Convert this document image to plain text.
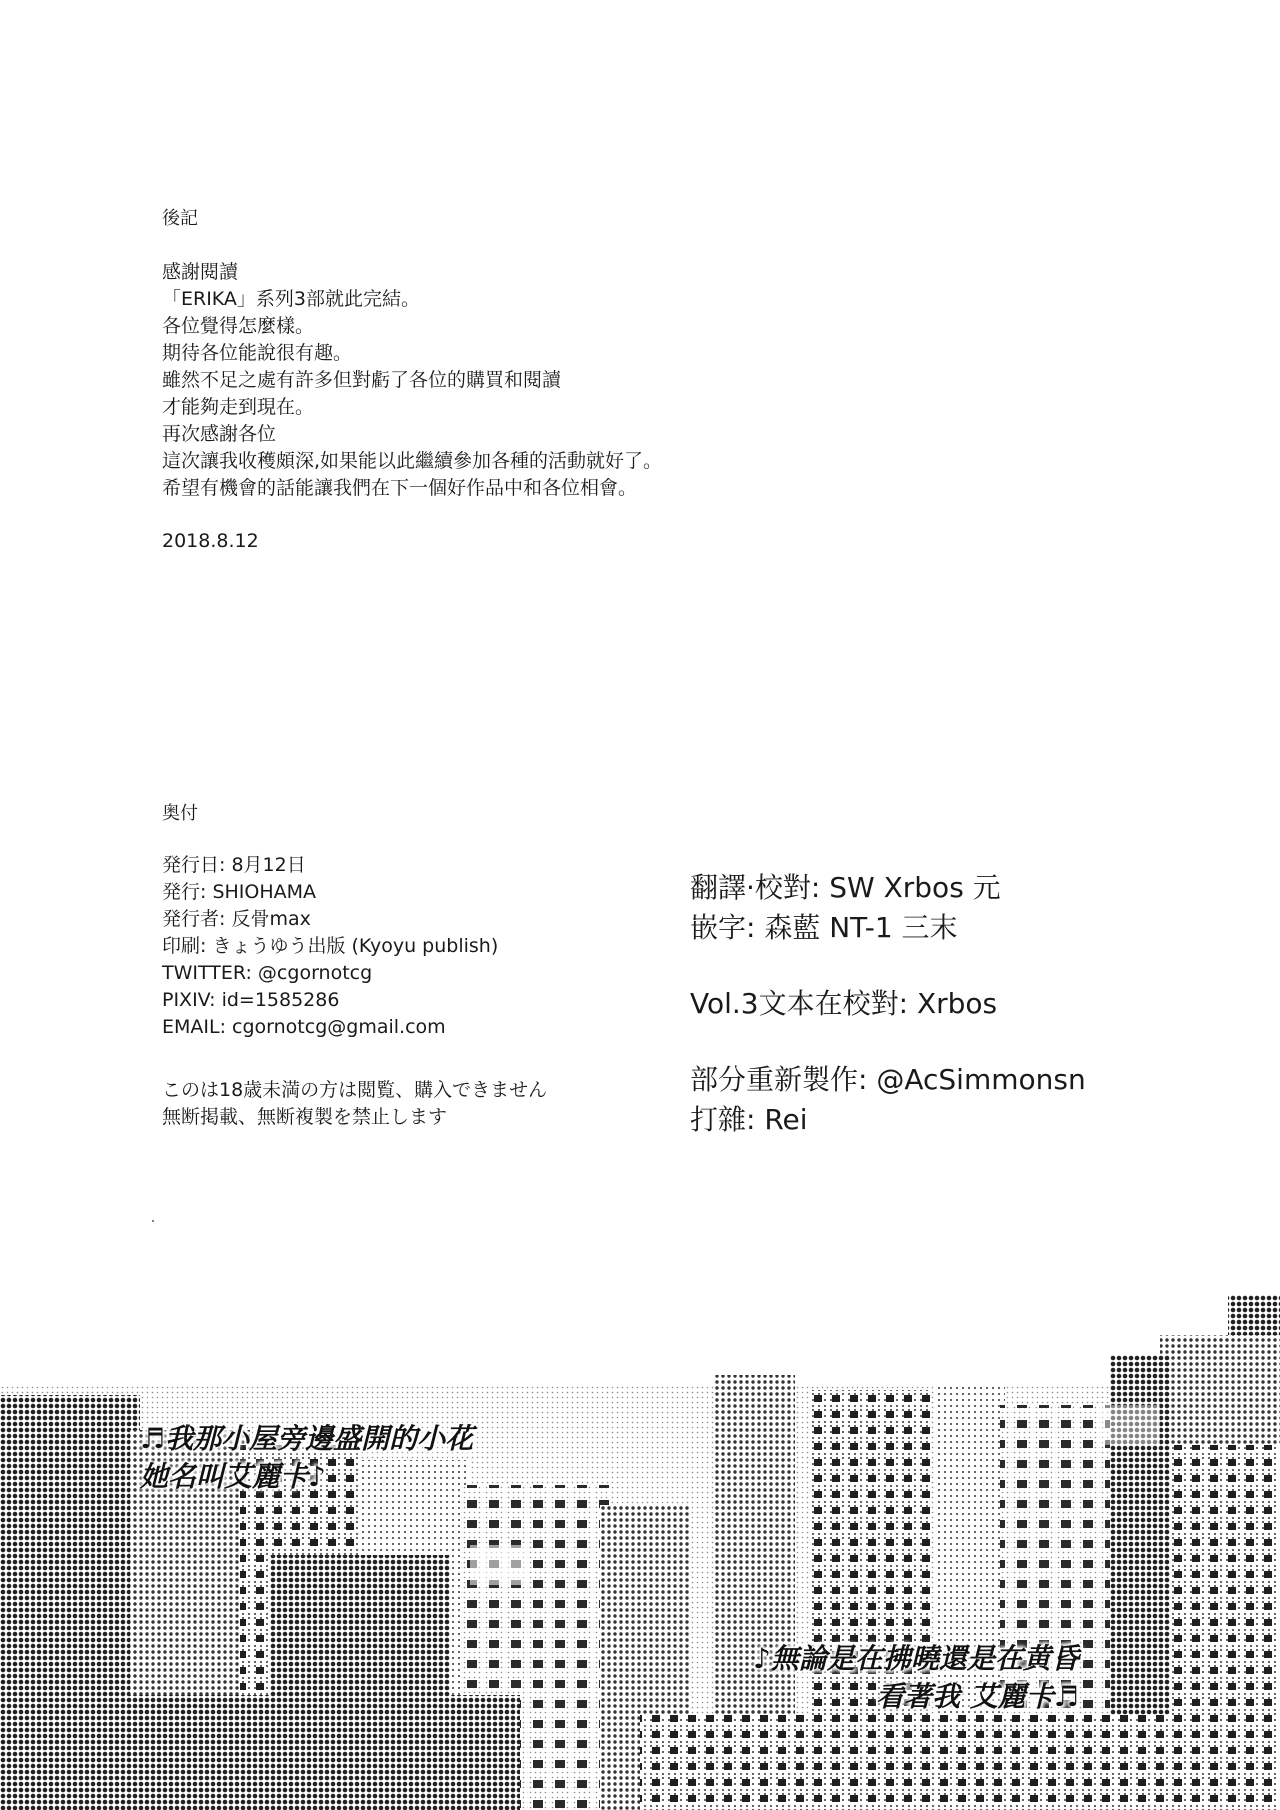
後記
感謝閱讀
「ERIKA」系列3部就此完結。
各位覺得怎麼樣。
期待各位能說很有趣。
雖然不足之處有許多但對虧了各位的購買和閱讀
才能夠走到現在。
再次感謝各位
這次讓我收穫頗深,如果能以此繼續參加各種的活動就好了。
希望有機會的話能讓我們在下一個好作品中和各位相會。
2018.8.12
奥付
発行日: 8月12日
発行: SHIOHAMA
発行者: 反骨max
印刷: きょうゆう出版 (Kyoyu publish)
TWITTER: @cgornotcg
PIXIV: id=1585286
EMAIL: cgornotcg@gmail.com
このは18歳未満の方は閲覧、購入できません
無断掲載、無断複製を禁止します
翻譯·校對: SW Xrbos 元
嵌字: 森藍 NT-1 三末
Vol.3文本在校對: Xrbos
部分重新製作: @AcSimmonsn
打雜: Rei
♬我那小屋旁邊盛開的小花
她名叫艾麗卡♪
♪無論是在拂曉還是在黄昏
看著我 艾麗卡♬
